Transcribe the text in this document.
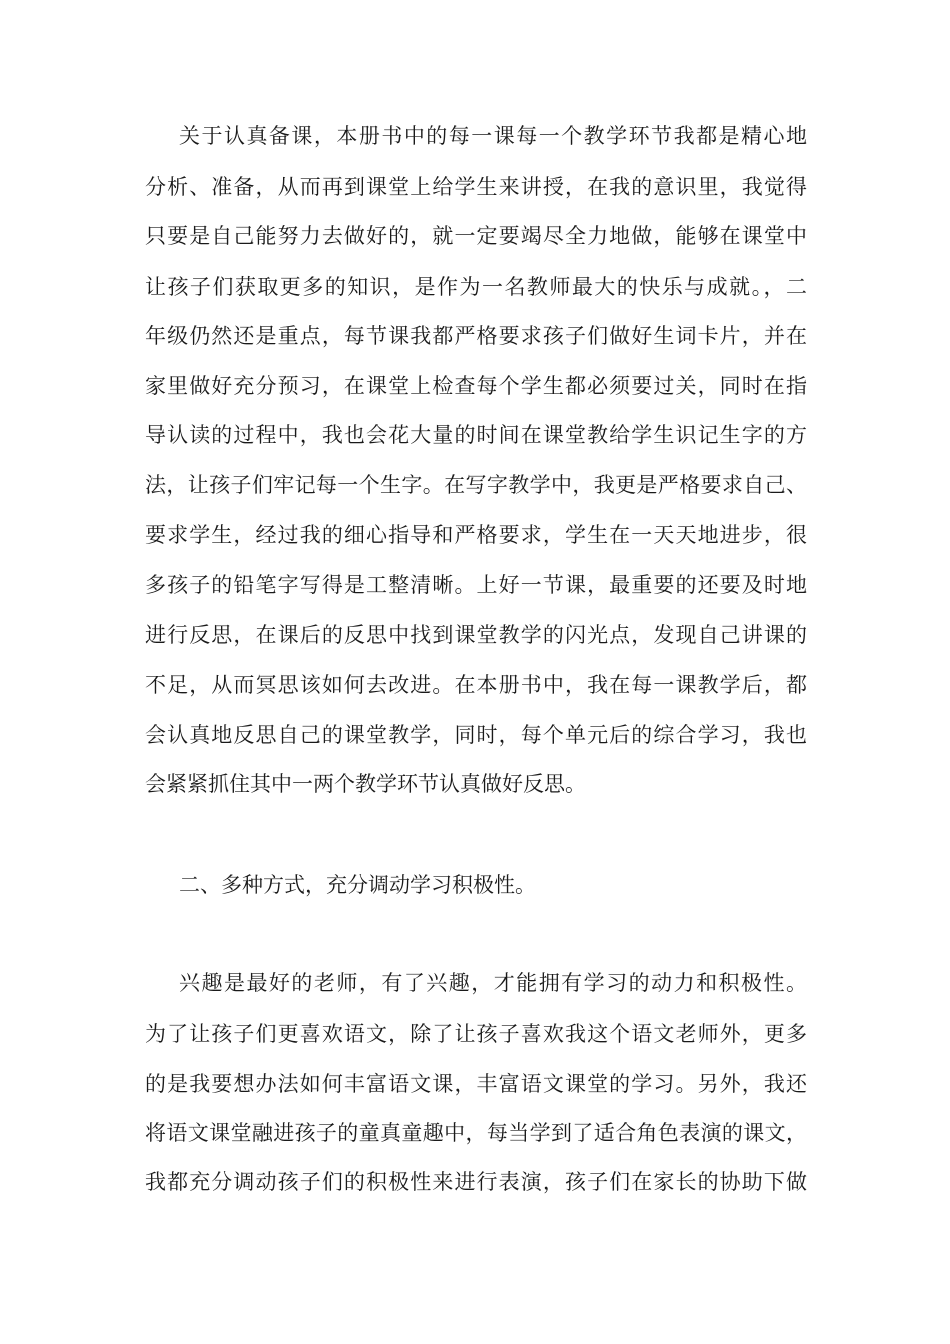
关于认真备课，本册书中的每一课每一个教学环节我都是精心地
分析、准备，从而再到课堂上给学生来讲授，在我的意识里，我觉得
只要是自己能努力去做好的，就一定要竭尽全力地做，能够在课堂中
让孩子们获取更多的知识，是作为一名教师最大的快乐与成就。，二
年级仍然还是重点，每节课我都严格要求孩子们做好生词卡片，并在
家里做好充分预习，在课堂上检查每个学生都必须要过关，同时在指
导认读的过程中，我也会花大量的时间在课堂教给学生识记生字的方
法，让孩子们牢记每一个生字。在写字教学中，我更是严格要求自己、
要求学生，经过我的细心指导和严格要求，学生在一天天地进步，很
多孩子的铅笔字写得是工整清晰。上好一节课，最重要的还要及时地
进行反思，在课后的反思中找到课堂教学的闪光点，发现自己讲课的
不足，从而冥思该如何去改进。在本册书中，我在每一课教学后，都
会认真地反思自己的课堂教学，同时，每个单元后的综合学习，我也
会紧紧抓住其中一两个教学环节认真做好反思。
二、多种方式，充分调动学习积极性。
兴趣是最好的老师，有了兴趣，才能拥有学习的动力和积极性。
为了让孩子们更喜欢语文，除了让孩子喜欢我这个语文老师外，更多
的是我要想办法如何丰富语文课，丰富语文课堂的学习。另外，我还
将语文课堂融进孩子的童真童趣中，每当学到了适合角色表演的课文，
我都充分调动孩子们的积极性来进行表演，孩子们在家长的协助下做
